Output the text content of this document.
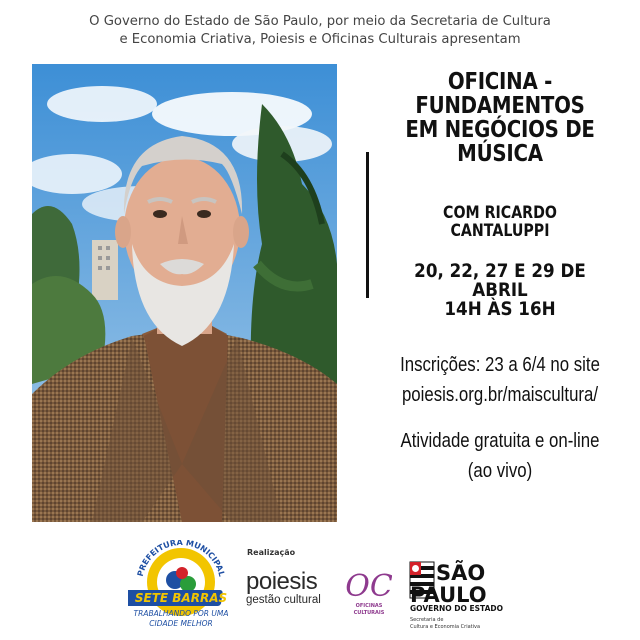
O Governo do Estado de São Paulo, por meio da Secretaria de Cultura
e Economia Criativa, Poiesis e Oficinas Culturais apresentam
OFICINA -
FUNDAMENTOS
EM NEGÓCIOS DE
MÚSICA
COM RICARDO
CANTALUPPI
20, 22, 27 E 29 DE
ABRIL
14H ÀS 16H
Inscrições: 23 a 6/4 no site
poiesis.org.br/maiscultura/
Atividade gratuita e on-line
(ao vivo)
PREFEITURA MUNICIPAL
SETE BARRAS
TRABALHANDO POR UMA
CIDADE MELHOR
Realização
poiesis
gestão cultural OC
OFICINAS
CULTURAIS
SÃO
PAULO
GOVERNO DO ESTADO
Secretaria de
Cultura e Economia Criativa
